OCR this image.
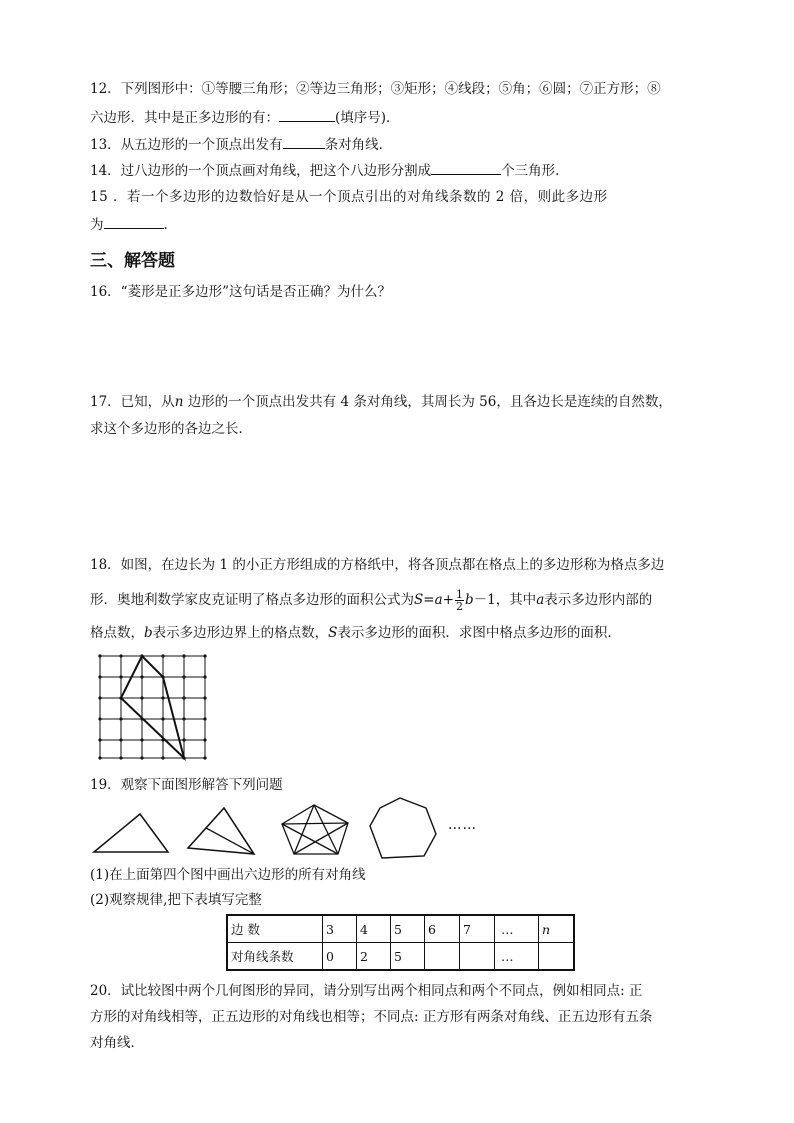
12．下列图形中：①等腰三角形；②等边三角形；③矩形；④线段；⑤角；⑥圆；⑦正方形；⑧
六边形．其中是正多边形的有：	(填序号)．
13．从五边形的一个顶点出发有	条对角线．
14．过八边形的一个顶点画对角线，把这个八边形分割成	个三角形.
15 ．若一个多边形的边数恰好是从一个顶点引出的对角线条数的 2 倍，则此多边形
为	.
三、解答题
16．“菱形是正多边形”这句话是否正确？为什么？
17．已知，从n 边形的一个顶点出发共有 4 条对角线，其周长为 56，且各边长是连续的自然数，
求这个多边形的各边之长．
18．如图，在边长为 1 的小正方形组成的方格纸中，将各顶点都在格点上的多边形称为格点多边
形．奥地利数学家皮克证明了格点多边形的面积公式为$S=a+ \frac{1}{2} b-1$，其中a表示多边形内部的
格点数，b表示多边形边界上的格点数，S表示多边形的面积．求图中格点多边形的面积．
19．观察下面图形解答下列问题
……
(1)在上面第四个图中画出六边形的所有对角线
(2)观察规律,把下表填写完整
边 数	3	4	5	6	7	…	n
对角线条数	0	2	5			…	
20．试比较图中两个几何图形的异同，请分别写出两个相同点和两个不同点，例如相同点: 正
方形的对角线相等，正五边形的对角线也相等；不同点: 正方形有两条对角线、正五边形有五条
对角线．
